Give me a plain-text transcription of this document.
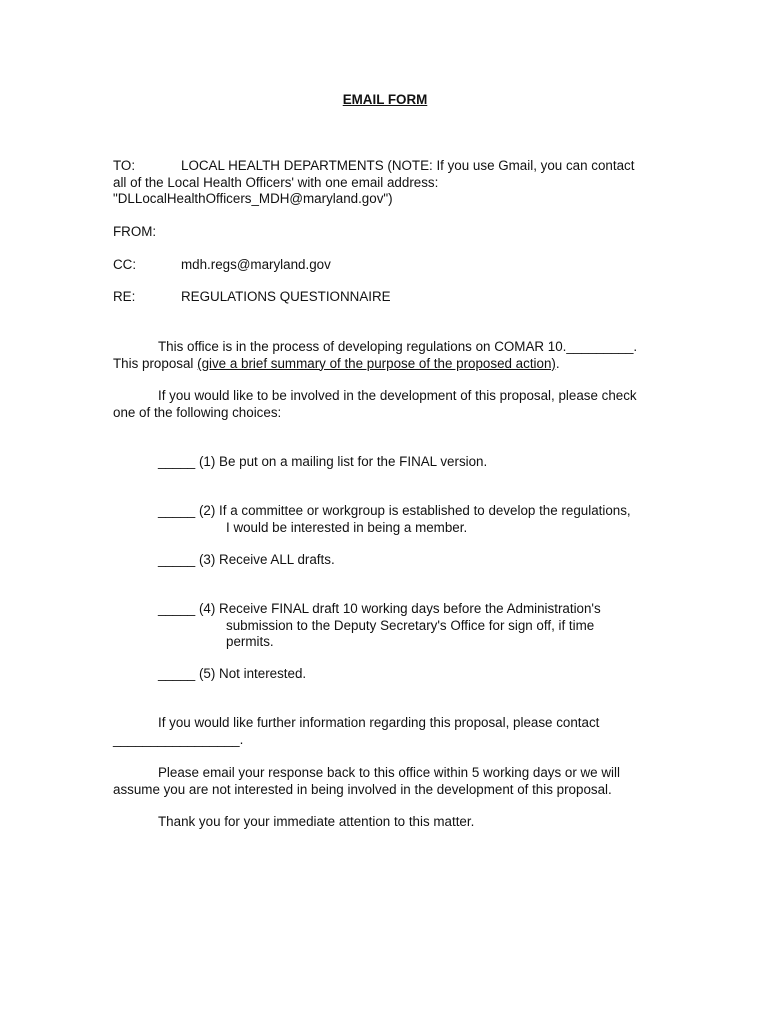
EMAIL FORM
TO:	LOCAL HEALTH DEPARTMENTS (NOTE: If you use Gmail, you can contact
all of the Local Health Officers' with one email address:
"DLLocalHealthOfficers_MDH@maryland.gov")
FROM:
CC:	mdh.regs@maryland.gov
RE:	REGULATIONS QUESTIONNAIRE
This office is in the process of developing regulations on COMAR 10._________.
This proposal (give a brief summary of the purpose of the proposed action).
If you would like to be involved in the development of this proposal, please check
one of the following choices:
_____ (1) Be put on a mailing list for the FINAL version.
_____ (2) If a committee or workgroup is established to develop the regulations,
I would be interested in being a member.
_____ (3) Receive ALL drafts.
_____ (4) Receive FINAL draft 10 working days before the Administration's
submission to the Deputy Secretary's Office for sign off, if time
permits.
_____ (5) Not interested.
If you would like further information regarding this proposal, please contact
_________________.
Please email your response back to this office within 5 working days or we will
assume you are not interested in being involved in the development of this proposal.
Thank you for your immediate attention to this matter.
